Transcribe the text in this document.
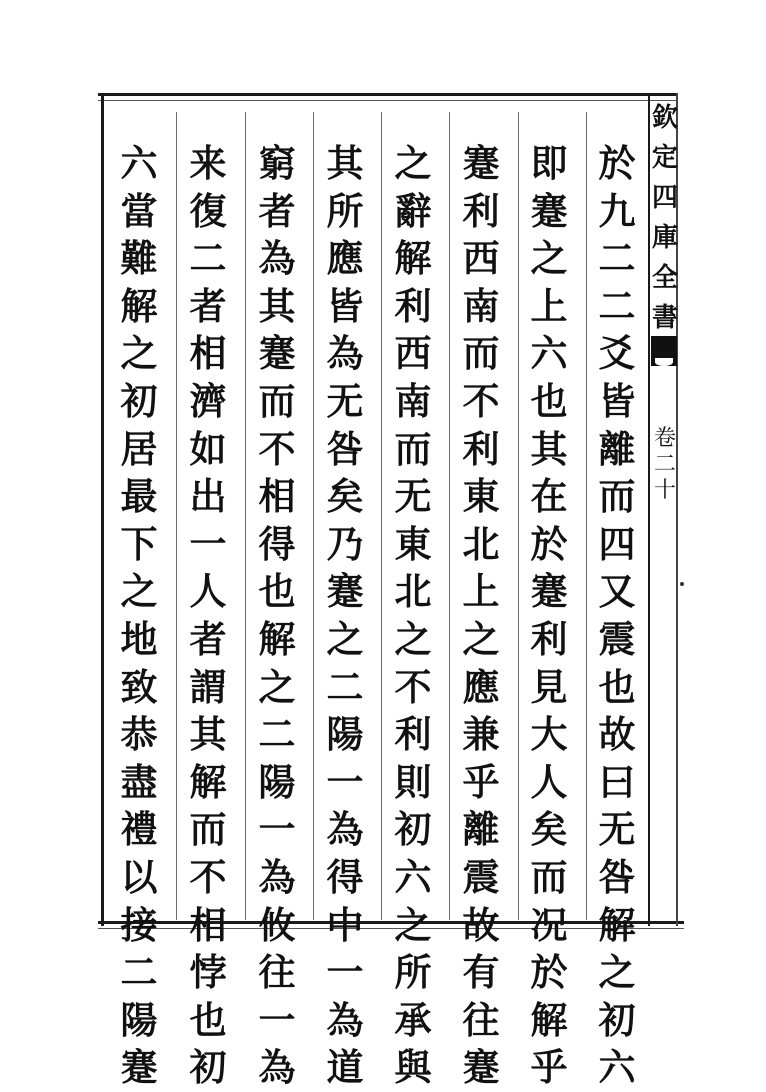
欽
定
四
庫
全
書
卷
二
十
於
九
二
二
爻
皆
離
而
四
又
震
也
故
曰
无
咎
解
之
初
六
即
蹇
之
上
六
也
其
在
於
蹇
利
見
大
人
矣
而
况
於
解
乎
蹇
利
西
南
而
不
利
東
北
上
之
應
兼
乎
離
震
故
有
往
蹇
之
辭
解
利
西
南
而
无
東
北
之
不
利
則
初
六
之
所
承
與
其
所
應
皆
為
无
咎
矣
乃
蹇
之
二
陽
一
為
得
中
一
為
道
窮
者
為
其
蹇
而
不
相
得
也
解
之
二
陽
一
為
攸
往
一
為
来
復
二
者
相
濟
如
出
一
人
者
謂
其
解
而
不
相
悖
也
初
六
當
難
解
之
初
居
最
下
之
地
致
恭
盡
禮
以
接
二
陽
蹇
